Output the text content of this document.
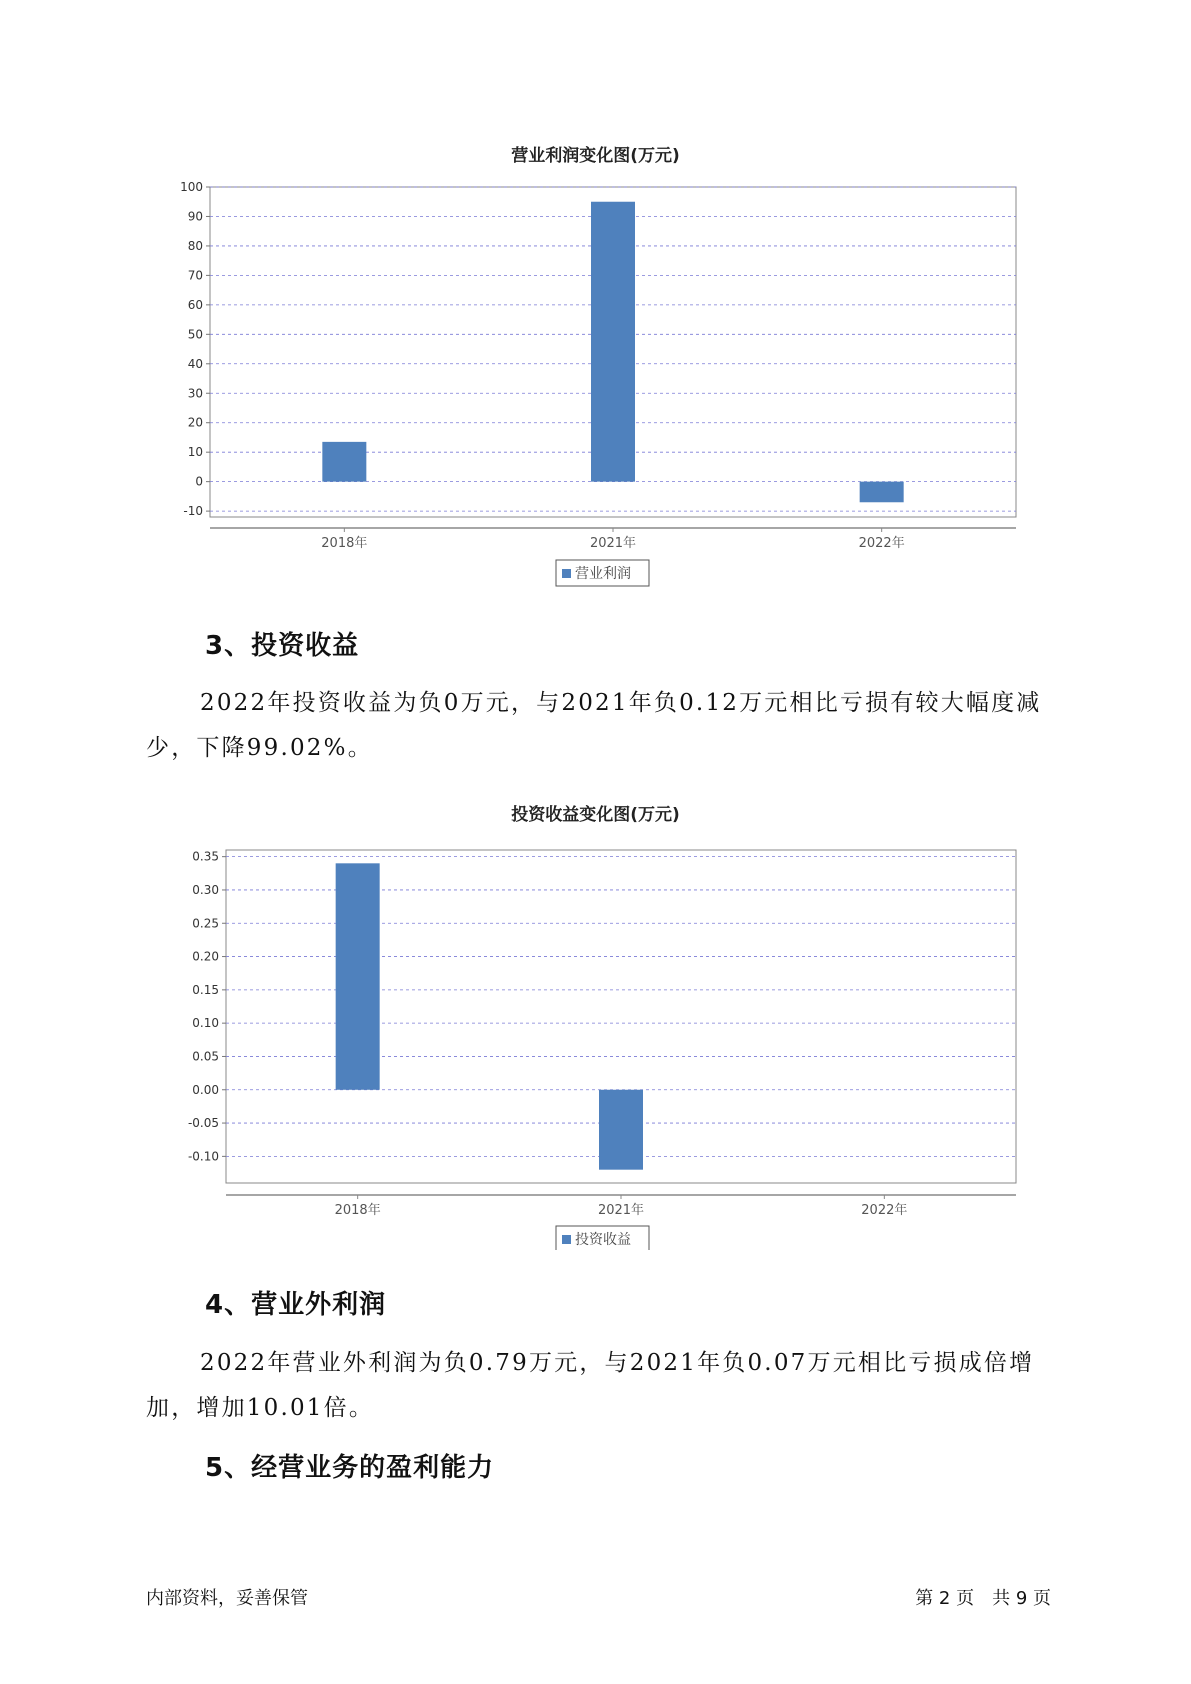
营业利润变化图(万元)
100
90
80
70
60
50
40
30
20
10
0
-10
2018年	2021年	2022年
营业利润
3、投资收益
2022年投资收益为负0万元，与2021年负0.12万元相比亏损有较大幅度减少，下降99.02%。
投资收益变化图(万元)
0.35
0.30
0.25
0.20
0.15
0.10
0.05
0.00
-0.05
-0.10
2018年	2021年	2022年
投资收益
4、营业外利润
2022年营业外利润为负0.79万元，与2021年负0.07万元相比亏损成倍增加，增加10.01倍。
5、经营业务的盈利能力
内部资料，妥善保管	第 2 页　共 9 页
